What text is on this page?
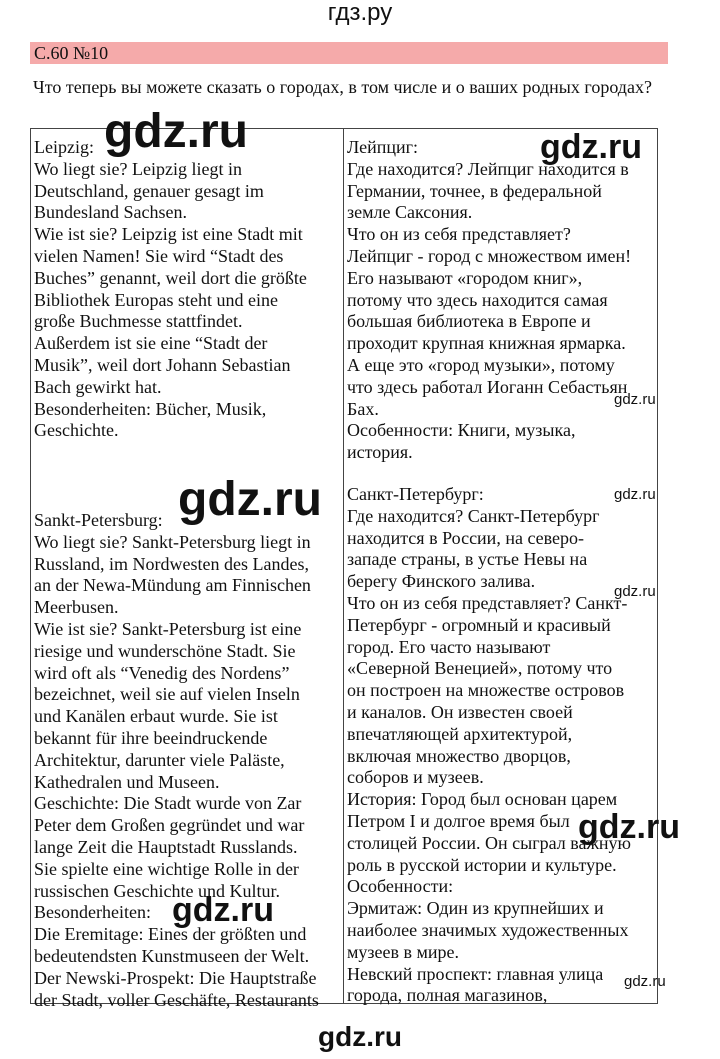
гдз.ру
С.60 №10
Что теперь вы можете сказать о городах, в том числе и о ваших родных городах?
Leipzig:
Wo liegt sie? Leipzig liegt in
Deutschland, genauer gesagt im
Bundesland Sachsen.
Wie ist sie? Leipzig ist eine Stadt mit
vielen Namen! Sie wird “Stadt des
Buches” genannt, weil dort die größte
Bibliothek Europas steht und eine
große Buchmesse stattfindet.
Außerdem ist sie eine “Stadt der
Musik”, weil dort Johann Sebastian
Bach gewirkt hat.
Besonderheiten: Bücher, Musik,
Geschichte.
Лейпциг:
Где находится? Лейпциг находится в
Германии, точнее, в федеральной
земле Саксония.
Что он из себя представляет?
Лейпциг - город с множеством имен!
Его называют «городом книг»,
потому что здесь находится самая
большая библиотека в Европе и
проходит крупная книжная ярмарка.
А еще это «город музыки», потому
что здесь работал Иоганн Себастьян
Бах.
Особенности: Книги, музыка,
история.
Sankt-Petersburg:
Wo liegt sie? Sankt-Petersburg liegt in
Russland, im Nordwesten des Landes,
an der Newa-Mündung am Finnischen
Meerbusen.
Wie ist sie? Sankt-Petersburg ist eine
riesige und wunderschöne Stadt. Sie
wird oft als “Venedig des Nordens”
bezeichnet, weil sie auf vielen Inseln
und Kanälen erbaut wurde. Sie ist
bekannt für ihre beeindruckende
Architektur, darunter viele Paläste,
Kathedralen und Museen.
Geschichte: Die Stadt wurde von Zar
Peter dem Großen gegründet und war
lange Zeit die Hauptstadt Russlands.
Sie spielte eine wichtige Rolle in der
russischen Geschichte und Kultur.
Besonderheiten:
Die Eremitage: Eines der größten und
bedeutendsten Kunstmuseen der Welt.
Der Newski-Prospekt: Die Hauptstraße
der Stadt, voller Geschäfte, Restaurants
Санкт-Петербург:
Где находится? Санкт-Петербург
находится в России, на северо-
западе страны, в устье Невы на
берегу Финского залива.
Что он из себя представляет? Санкт-
Петербург - огромный и красивый
город. Его часто называют
«Северной Венецией», потому что
он построен на множестве островов
и каналов. Он известен своей
впечатляющей архитектурой,
включая множество дворцов,
соборов и музеев.
История: Город был основан царем
Петром I и долгое время был
столицей России. Он сыграл важную
роль в русской истории и культуре.
Особенности:
Эрмитаж: Один из крупнейших и
наиболее значимых художественных
музеев в мире.
Невский проспект: главная улица
города, полная магазинов,
gdz.ru	gdz.ru
gdz.ru
gdz.ru	gdz.ru
gdz.ru
gdz.ru
gdz.ru
gdz.ru
gdz.ru
